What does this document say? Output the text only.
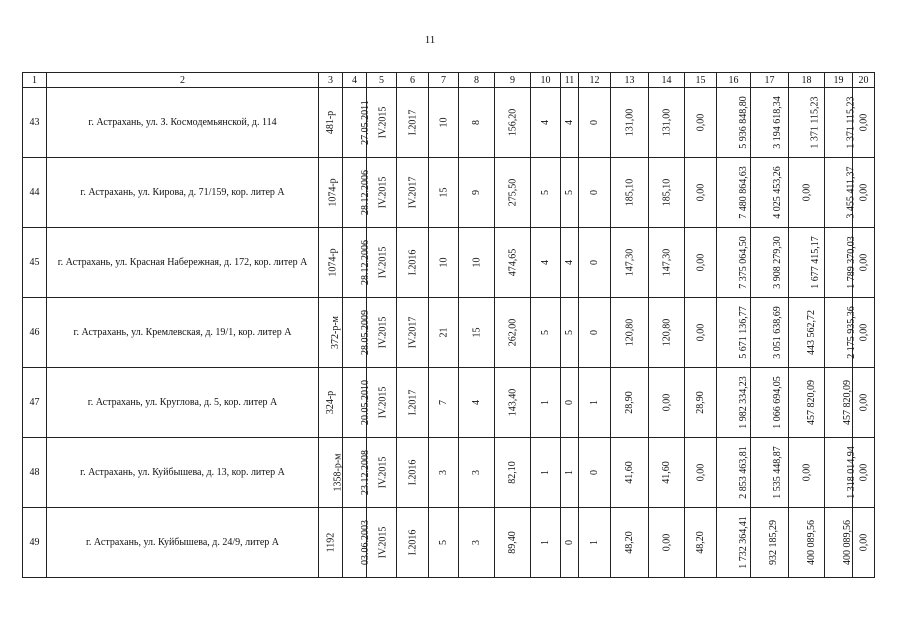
11
1	2	3	4	5	6	7	8	9	10	11	12	13	14	15	16	17	18	19	20
43	г. Астрахань, ул. З. Космодемьянской, д. 114	481-р	27.05.2011	IV.2015	I.2017	10	8	156,20	4	4	0	131,00	131,00	0,00	5 936 848,80	3 194 618,34	1 371 115,23	1 371 115,23	0,00
44	г. Астрахань, ул. Кирова, д. 71/159, кор. литер А	1074-р	28.12.2006	IV.2015	IV.2017	15	9	275,50	5	5	0	185,10	185,10	0,00	7 480 864,63	4 025 453,26	0,00	3 455 411,37	0,00
45	г. Астрахань, ул. Красная Набережная, д. 172, кор. литер А	1074-р	28.12.2006	IV.2015	I.2016	10	10	474,65	4	4	0	147,30	147,30	0,00	7 375 064,50	3 908 279,30	1 677 415,17	1 789 370,03	0,00
46	г. Астрахань, ул. Кремлевская, д. 19/1, кор. литер А	372-р-м	28.05.2009	IV.2015	IV.2017	21	15	262,00	5	5	0	120,80	120,80	0,00	5 671 136,77	3 051 638,69	443 562,72	2 175 935,36	0,00
47	г. Астрахань, ул. Круглова, д. 5, кор. литер А	324-р	20.05.2010	IV.2015	I.2017	7	4	143,40	1	0	1	28,90	0,00	28,90	1 982 334,23	1 066 694,05	457 820,09	457 820,09	0,00
48	г. Астрахань, ул. Куйбышева, д. 13, кор. литер А	1358-р-м	23.12.2008	IV.2015	I.2016	3	3	82,10	1	1	0	41,60	41,60	0,00	2 853 463,81	1 535 448,87	0,00	1 318 014,94	0,00
49	г. Астрахань, ул. Куйбышева, д. 24/9, литер А	1192	03.06.2003	IV.2015	I.2016	5	3	89,40	1	0	1	48,20	0,00	48,20	1 732 364,41	932 185,29	400 089,56	400 089,56	0,00
